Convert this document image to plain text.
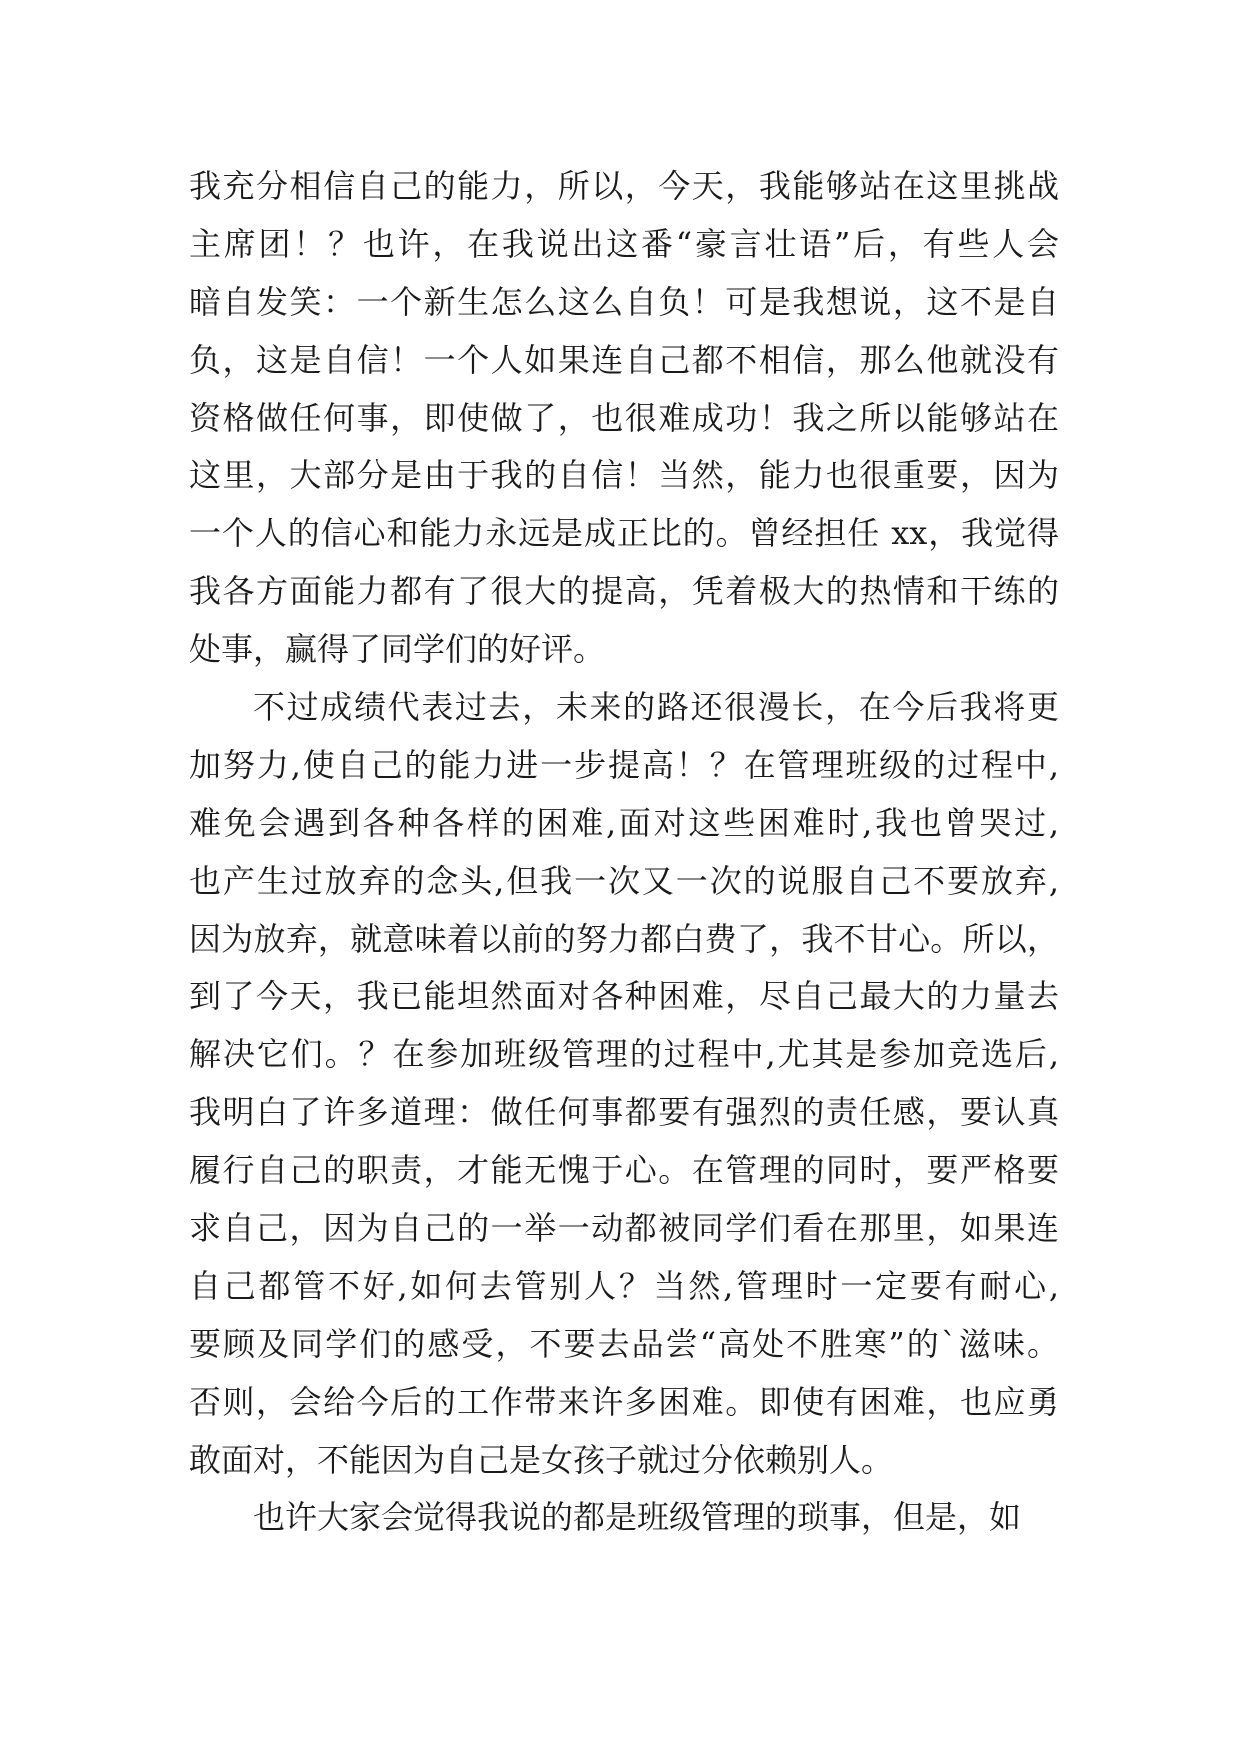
我充分相信自己的能力，所以，今天，我能够站在这里挑战
主席团！？也许，在我说出这番“豪言壮语”后，有些人会
暗自发笑：一个新生怎么这么自负！可是我想说，这不是自
负，这是自信！一个人如果连自己都不相信，那么他就没有
资格做任何事，即使做了，也很难成功！我之所以能够站在
这里，大部分是由于我的自信！当然，能力也很重要，因为
一个人的信心和能力永远是成正比的。曾经担任 xx，我觉得
我各方面能力都有了很大的提高，凭着极大的热情和干练的
处事，赢得了同学们的好评。
不过成绩代表过去，未来的路还很漫长，在今后我将更
加努力,使自己的能力进一步提高！？在管理班级的过程中,
难免会遇到各种各样的困难,面对这些困难时,我也曾哭过,
也产生过放弃的念头,但我一次又一次的说服自己不要放弃,
因为放弃，就意味着以前的努力都白费了，我不甘心。所以，
到了今天，我已能坦然面对各种困难，尽自己最大的力量去
解决它们。？在参加班级管理的过程中,尤其是参加竞选后,
我明白了许多道理：做任何事都要有强烈的责任感，要认真
履行自己的职责，才能无愧于心。在管理的同时，要严格要
求自己，因为自己的一举一动都被同学们看在那里，如果连
自己都管不好,如何去管别人？当然,管理时一定要有耐心,
要顾及同学们的感受，不要去品尝“高处不胜寒”的`滋味。
否则，会给今后的工作带来许多困难。即使有困难，也应勇
敢面对，不能因为自己是女孩子就过分依赖别人。
也许大家会觉得我说的都是班级管理的琐事，但是，如
